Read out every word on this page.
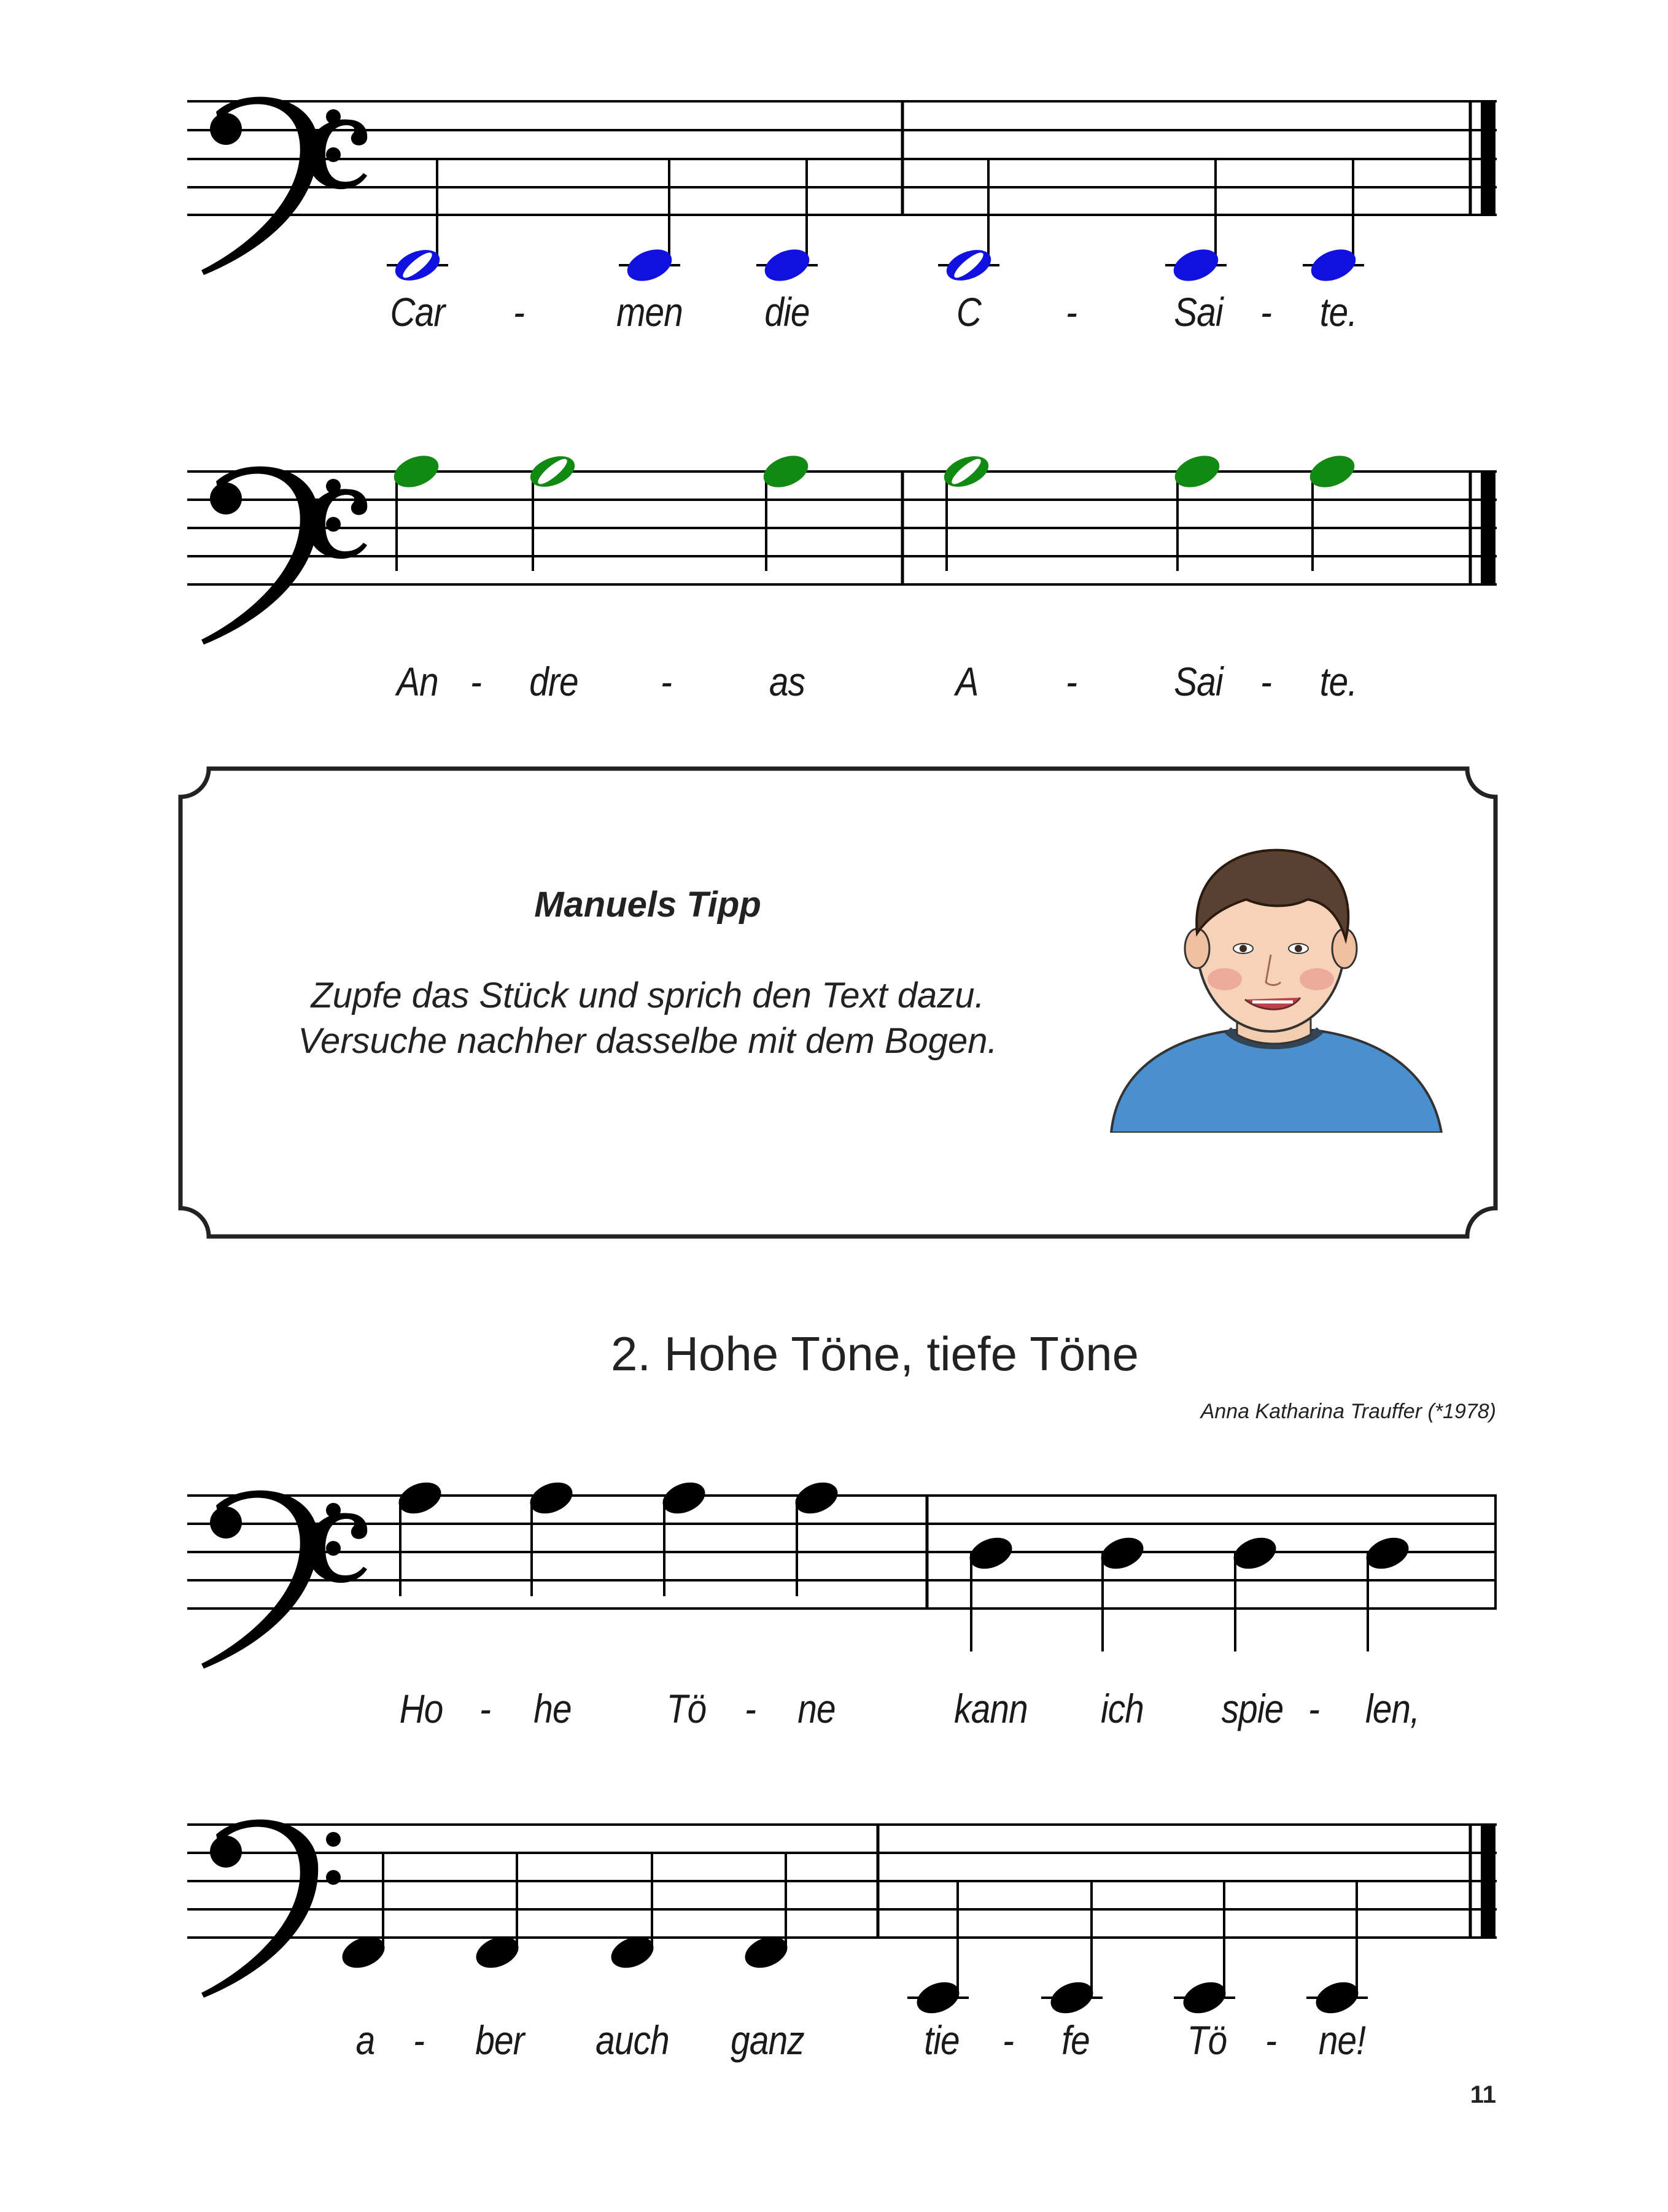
Car - men die	C - Sai - te.
An - dre - as	A - Sai - te.
Manuels Tipp
Zupfe das Stück und sprich den Text dazu.
Versuche nachher dasselbe mit dem Bogen.
2. Hohe Töne, tiefe Töne
Anna Katharina Trauffer (*1978)
Ho - he Tö - ne	kann ich spie - len,
a - ber auch ganz	tie - fe Tö - ne!
11
